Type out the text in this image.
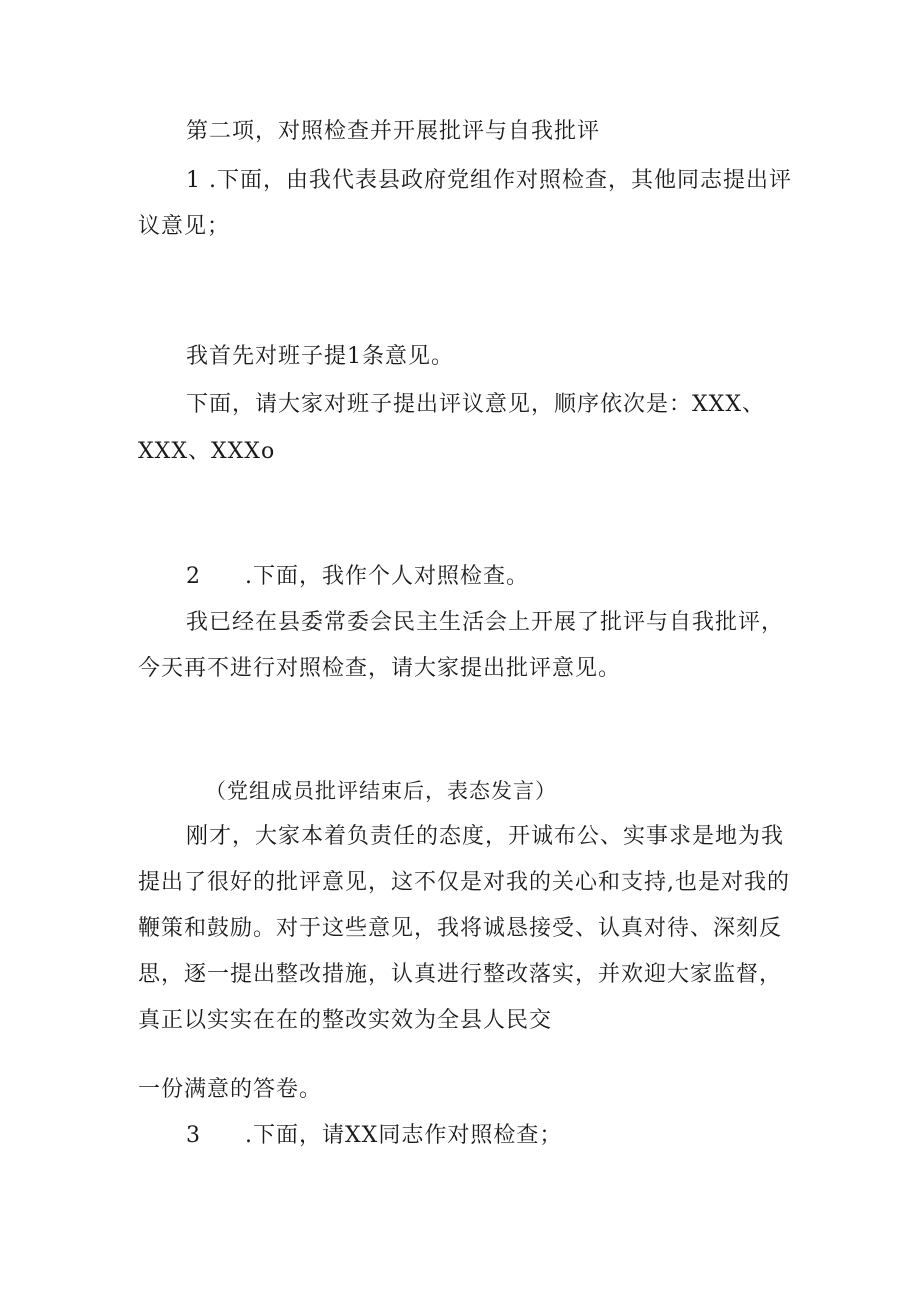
第二项，对照检查并开展批评与自我批评
1 .下面，由我代表县政府党组作对照检查，其他同志提出评
议意见；
我首先对班子提1条意见。
下面，请大家对班子提出评议意见，顺序依次是：XXX、
XXX、XXXo
2 .下面，我作个人对照检查。
我已经在县委常委会民主生活会上开展了批评与自我批评，
今天再不进行对照检查，请大家提出批评意见。
（党组成员批评结束后，表态发言）
刚才，大家本着负责任的态度，开诚布公、实事求是地为我
提出了很好的批评意见，这不仅是对我的关心和支持,也是对我的
鞭策和鼓励。对于这些意见，我将诚恳接受、认真对待、深刻反
思，逐一提出整改措施，认真进行整改落实，并欢迎大家监督，
真正以实实在在的整改实效为全县人民交
一份满意的答卷。
3 .下面，请XX同志作对照检查；
